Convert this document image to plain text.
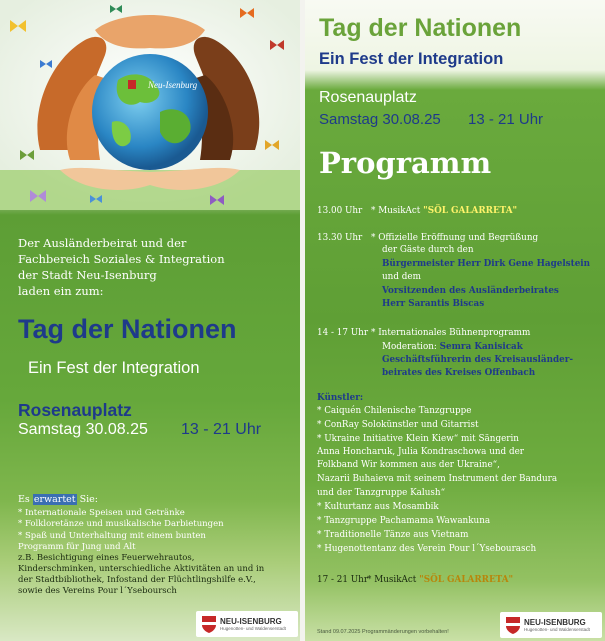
Neu-Isenburg
Der Ausländerbeirat und der
Fachbereich Soziales & Integration
der Stadt Neu-Isenburg
laden ein zum:
Tag der Nationen
Ein Fest der Integration
Rosenauplatz
Samstag 30.08.25 13 - 21 Uhr
Es erwartet Sie:
* Internationale Speisen und Getränke
* Folkloretänze und musikalische Darbietungen
* Spaß und Unterhaltung mit einem bunten
Programm für Jung und Alt
z.B. Besichtigung eines Feuerwehrautos,
Kinderschminken, unterschiedliche Aktivitäten an und in
der Stadtbibliothek, Infostand der Flüchtlingshilfe e.V.,
sowie des Vereins Pour l´Yseboursch
NEU-ISENBURG
Hugenotten- und Waldenserstadt
Tag der Nationen
Ein Fest der Integration
Rosenauplatz
Samstag 30.08.25 13 - 21 Uhr
Programm
13.00 Uhr * MusikAct "SÖL GALARRETA"
13.30 Uhr * Offizielle Eröffnung und Begrüßung
der Gäste durch den
Bürgermeister Herr Dirk Gene Hagelstein
und dem
Vorsitzenden des Ausländerbeirates
Herr Sarantis Biscas
14 - 17 Uhr * Internationales Bühnenprogramm
Moderation: Semra Kanisicak
Geschäftsführerin des Kreisausländer-
beirates des Kreises Offenbach
Künstler:
* Caiquén Chilenische Tanzgruppe
* ConRay Solokünstler und Gitarrist
* Ukraine Initiative Klein Kiew“ mit Sängerin
Anna Honcharuk, Julia Kondraschowa und der
Folkband Wir kommen aus der Ukraine“,
Nazarii Buhaieva mit seinem Instrument der Bandura
und der Tanzgruppe Kalush“
* Kulturtanz aus Mosambik
* Tanzgruppe Pachamama Wawankuna
* Traditionelle Tänze aus Vietnam
* Hugenottentanz des Verein Pour l´Ysebourasch
17 - 21 Uhr
* MusikAct "SÖL GALARRETA"
Stand 09.07.2025 Programmänderungen vorbehalten!
NEU-ISENBURG
Hugenotten- und Waldenserstadt
